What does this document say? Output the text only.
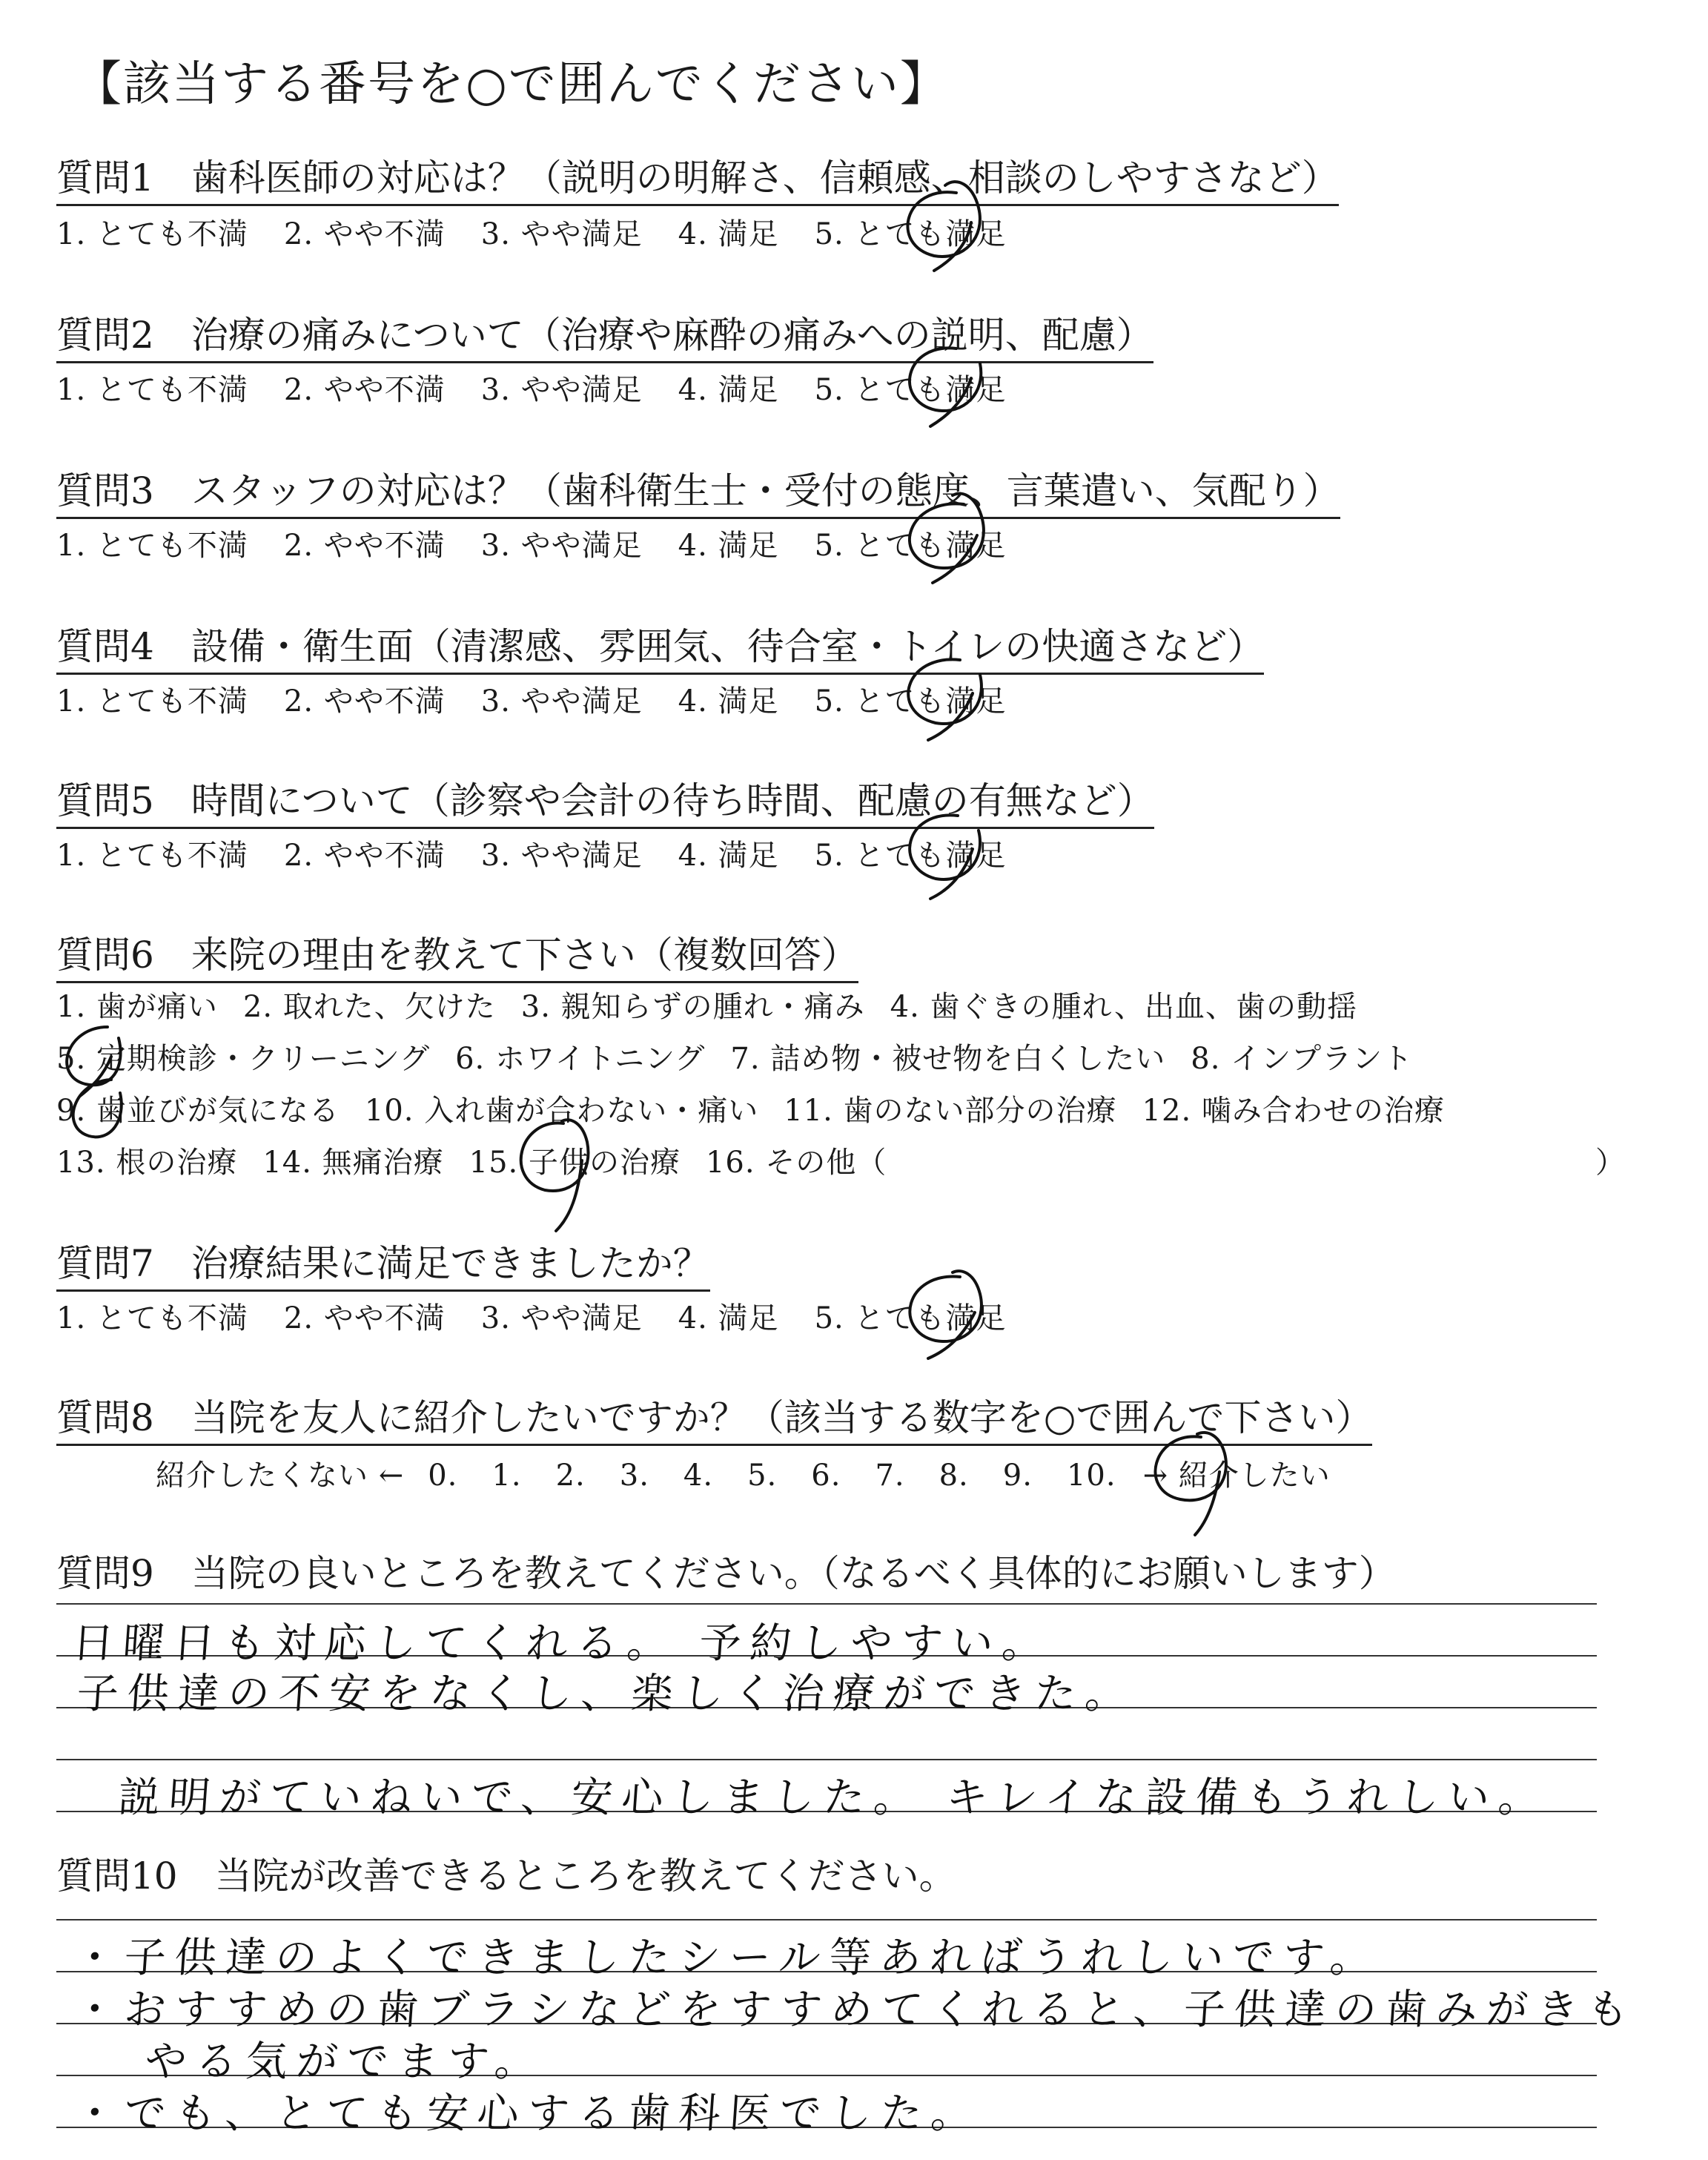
【該当する番号を○で囲んでください】
質問1　 歯科医師の対応は？（説明の明解さ、信頼感、相談のしやすさなど）
1. とても不満 2. やや不満 3. やや満足 4. 満足 5. とても満足
質問2　 治療の痛みについて（治療や麻酔の痛みへの説明、配慮）
1. とても不満 2. やや不満 3. やや満足 4. 満足 5. とても満足
質問3　 スタッフの対応は？（歯科衛生士・受付の態度、言葉遣い、気配り）
1. とても不満 2. やや不満 3. やや満足 4. 満足 5. とても満足
質問4　 設備・衛生面（清潔感、雰囲気、待合室・トイレの快適さなど）
1. とても不満 2. やや不満 3. やや満足 4. 満足 5. とても満足
質問5　 時間について（診察や会計の待ち時間、配慮の有無など）
1. とても不満 2. やや不満 3. やや満足 4. 満足 5. とても満足
質問6　 来院の理由を教えて下さい（複数回答）
1. 歯が痛い 2. 取れた、欠けた 3. 親知らずの腫れ・痛み 4. 歯ぐきの腫れ、出血、歯の動揺
5. 定期検診・クリーニング 6. ホワイトニング 7. 詰め物・被せ物を白くしたい 8. インプラント
9. 歯並びが気になる 10. 入れ歯が合わない・痛い 11. 歯のない部分の治療 12. 噛み合わせの治療
13. 根の治療 14. 無痛治療 15. 子供の治療 16. その他（	）
質問7　 治療結果に満足できましたか？
1. とても不満 2. やや不満 3. やや満足 4. 満足 5. とても満足
質問8　 当院を友人に紹介したいですか？（該当する数字を○で囲んで下さい）
紹介したくない ← 0. 1. 2. 3. 4. 5. 6. 7. 8. 9. 10. → 紹介したい
質問9　 当院の良いところを教えてください。（なるべく具体的にお願いします）
日曜日も対応してくれる。 予約しやすい。
子供達の不安をなくし、楽しく治療ができた。
説明がていねいで、安心しました。 キレイな設備もうれしい。
質問10　 当院が改善できるところを教えてください。
・子供達のよくできましたシール等あればうれしいです。
・おすすめの歯ブラシなどをすすめてくれると、子供達の歯みがきも
やる気がでます。
・でも、とても安心する歯科医でした。
